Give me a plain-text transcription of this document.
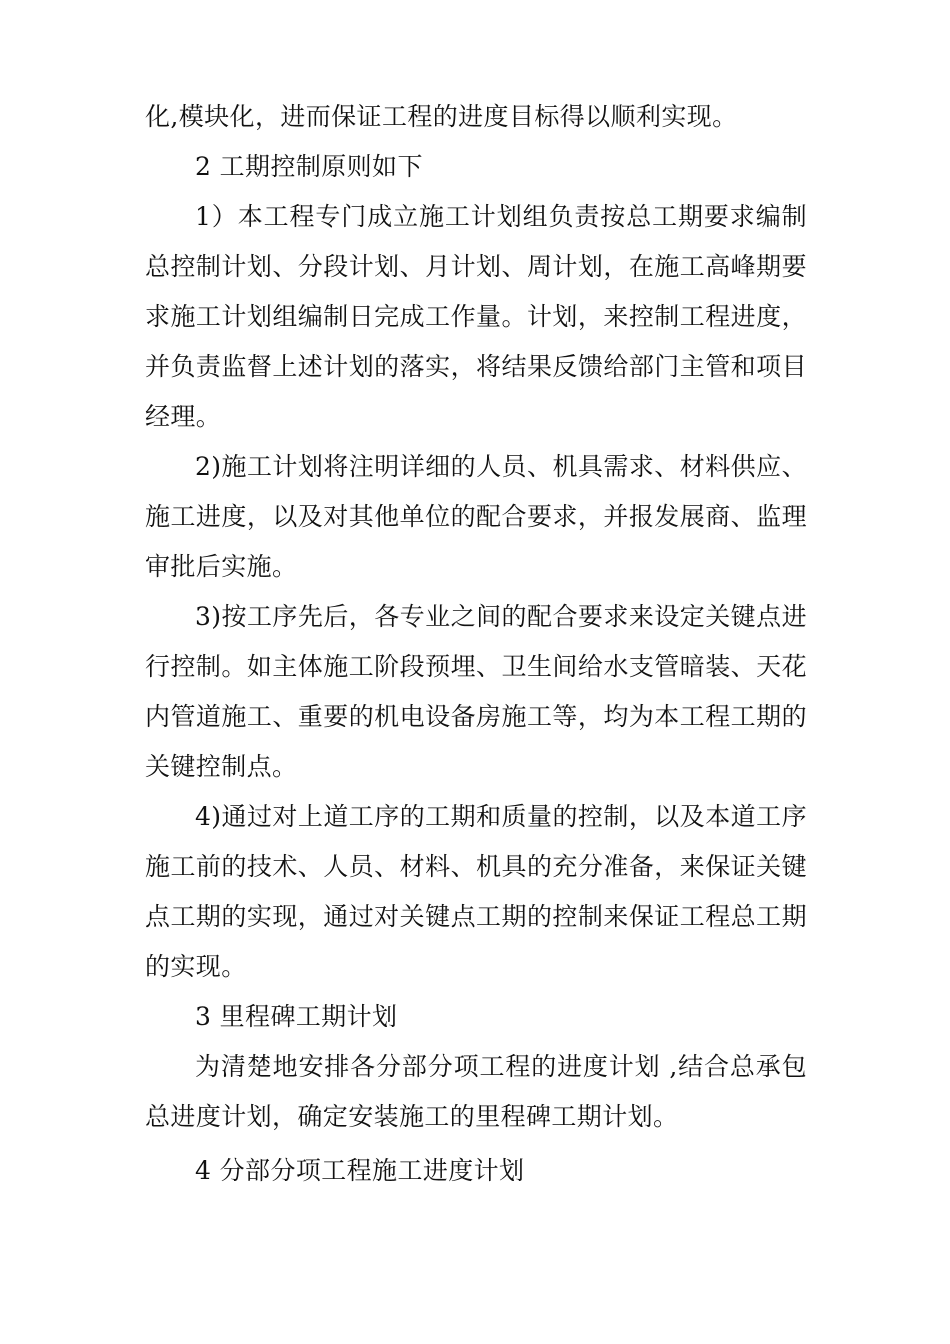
化,模块化，进而保证工程的进度目标得以顺利实现。

2 工期控制原则如下

1）本工程专门成立施工计划组负责按总工期要求编制总控制计划、分段计划、月计划、周计划，在施工高峰期要求施工计划组编制日完成工作量。计划，来控制工程进度，并负责监督上述计划的落实，将结果反馈给部门主管和项目经理。

2)施工计划将注明详细的人员、机具需求、材料供应、施工进度，以及对其他单位的配合要求，并报发展商、监理审批后实施。

3)按工序先后，各专业之间的配合要求来设定关键点进行控制。如主体施工阶段预埋、卫生间给水支管暗装、天花内管道施工、重要的机电设备房施工等，均为本工程工期的关键控制点。

4)通过对上道工序的工期和质量的控制，以及本道工序施工前的技术、人员、材料、机具的充分准备，来保证关键点工期的实现，通过对关键点工期的控制来保证工程总工期的实现。

3 里程碑工期计划

为清楚地安排各分部分项工程的进度计划 ,结合总承包总进度计划，确定安装施工的里程碑工期计划。

4 分部分项工程施工进度计划
